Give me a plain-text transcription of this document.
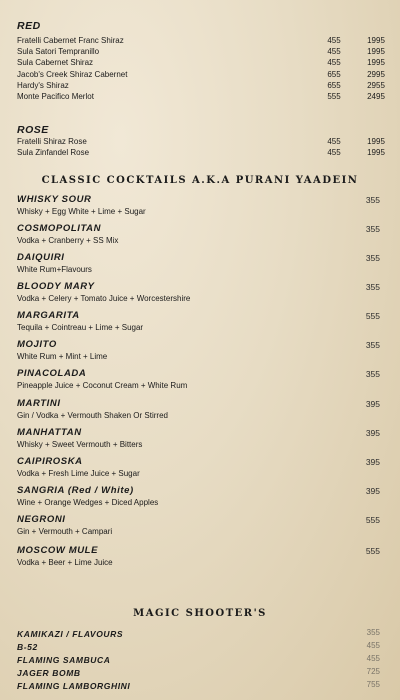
RED
Fratelli Cabernet Franc Shiraz	455	1995
Sula Satori Tempranillo	455	1995
Sula Cabernet Shiraz	455	1995
Jacob's Creek Shiraz Cabernet	655	2995
Hardy's Shiraz	655	2955
Monte Pacifico Merlot	555	2495
ROSE
Fratelli Shiraz Rose	455	1995
Sula Zinfandel Rose	455	1995
CLASSIC COCKTAILS A.K.A PURANI YAADEIN
WHISKY SOUR
Whisky + Egg White + Lime + Sugar
355
COSMOPOLITAN
Vodka + Cranberry + SS Mix
355
DAIQUIRI
White Rum+Flavours
355
BLOODY MARY
Vodka + Celery + Tomato Juice + Worcestershire
355
MARGARITA
Tequila + Cointreau + Lime + Sugar
555
MOJITO
White Rum + Mint + Lime
355
PINACOLADA
Pineapple Juice + Coconut Cream + White Rum
355
MARTINI
Gin / Vodka + Vermouth Shaken Or Stirred
395
MANHATTAN
Whisky + Sweet Vermouth + Bitters
395
CAIPIROSKA
Vodka + Fresh Lime Juice + Sugar
395
SANGRIA (Red / White)
Wine + Orange Wedges + Diced Apples
395
NEGRONI
Gin + Vermouth + Campari
555
MOSCOW MULE
Vodka + Beer + Lime Juice
555
MAGIC SHOOTER'S
KAMIKAZI / FLAVOURS	355
B-52	455
FLAMING SAMBUCA	455
JAGER BOMB	725
FLAMING LAMBORGHINI	755
